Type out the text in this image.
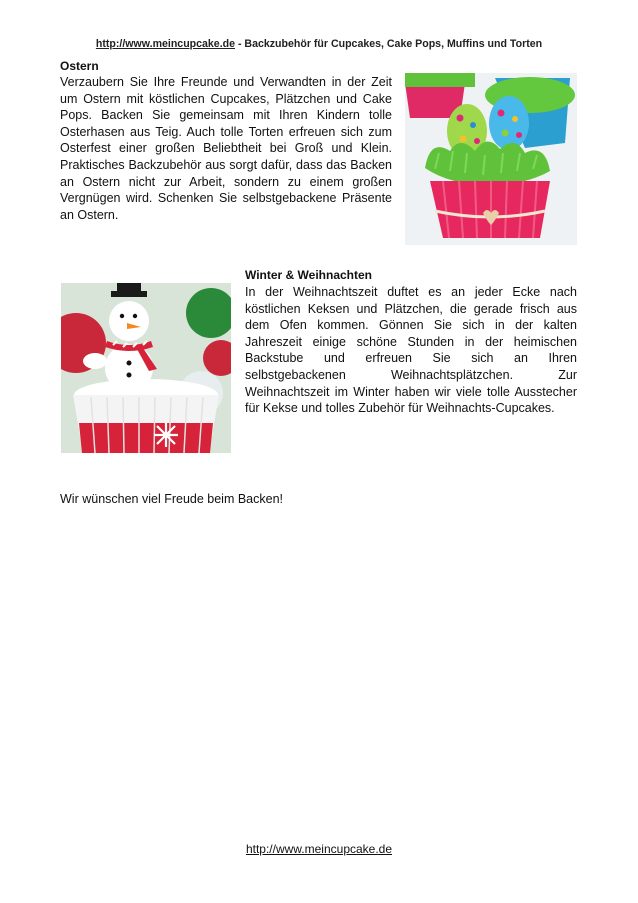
http://www.meincupcake.de - Backzubehör für Cupcakes, Cake Pops, Muffins und Torten
Ostern
Verzaubern Sie Ihre Freunde und Verwandten in der Zeit um Ostern mit köstlichen Cupcakes, Plätzchen und Cake Pops. Backen Sie gemeinsam mit Ihren Kindern tolle Osterhasen aus Teig. Auch tolle Torten erfreuen sich zum Osterfest einer großen Beliebtheit bei Groß und Klein. Praktisches Backzubehör aus sorgt dafür, dass das Backen an Ostern nicht zur Arbeit, sondern zu einem großen Vergnügen wird. Schenken Sie selbstgebackene Präsente an Ostern.
Winter & Weihnachten
In der Weihnachtszeit duftet es an jeder Ecke nach köstlichen Keksen und Plätzchen, die gerade frisch aus dem Ofen kommen. Gönnen Sie sich in der kalten Jahreszeit einige schöne Stunden in der heimischen Backstube und erfreuen Sie sich an Ihren selbstgebackenen Weihnachtsplätzchen. Zur Weihnachtszeit im Winter haben wir viele tolle Ausstecher für Kekse und tolles Zubehör für Weihnachts-Cupcakes.
Wir wünschen viel Freude beim Backen!
http://www.meincupcake.de
